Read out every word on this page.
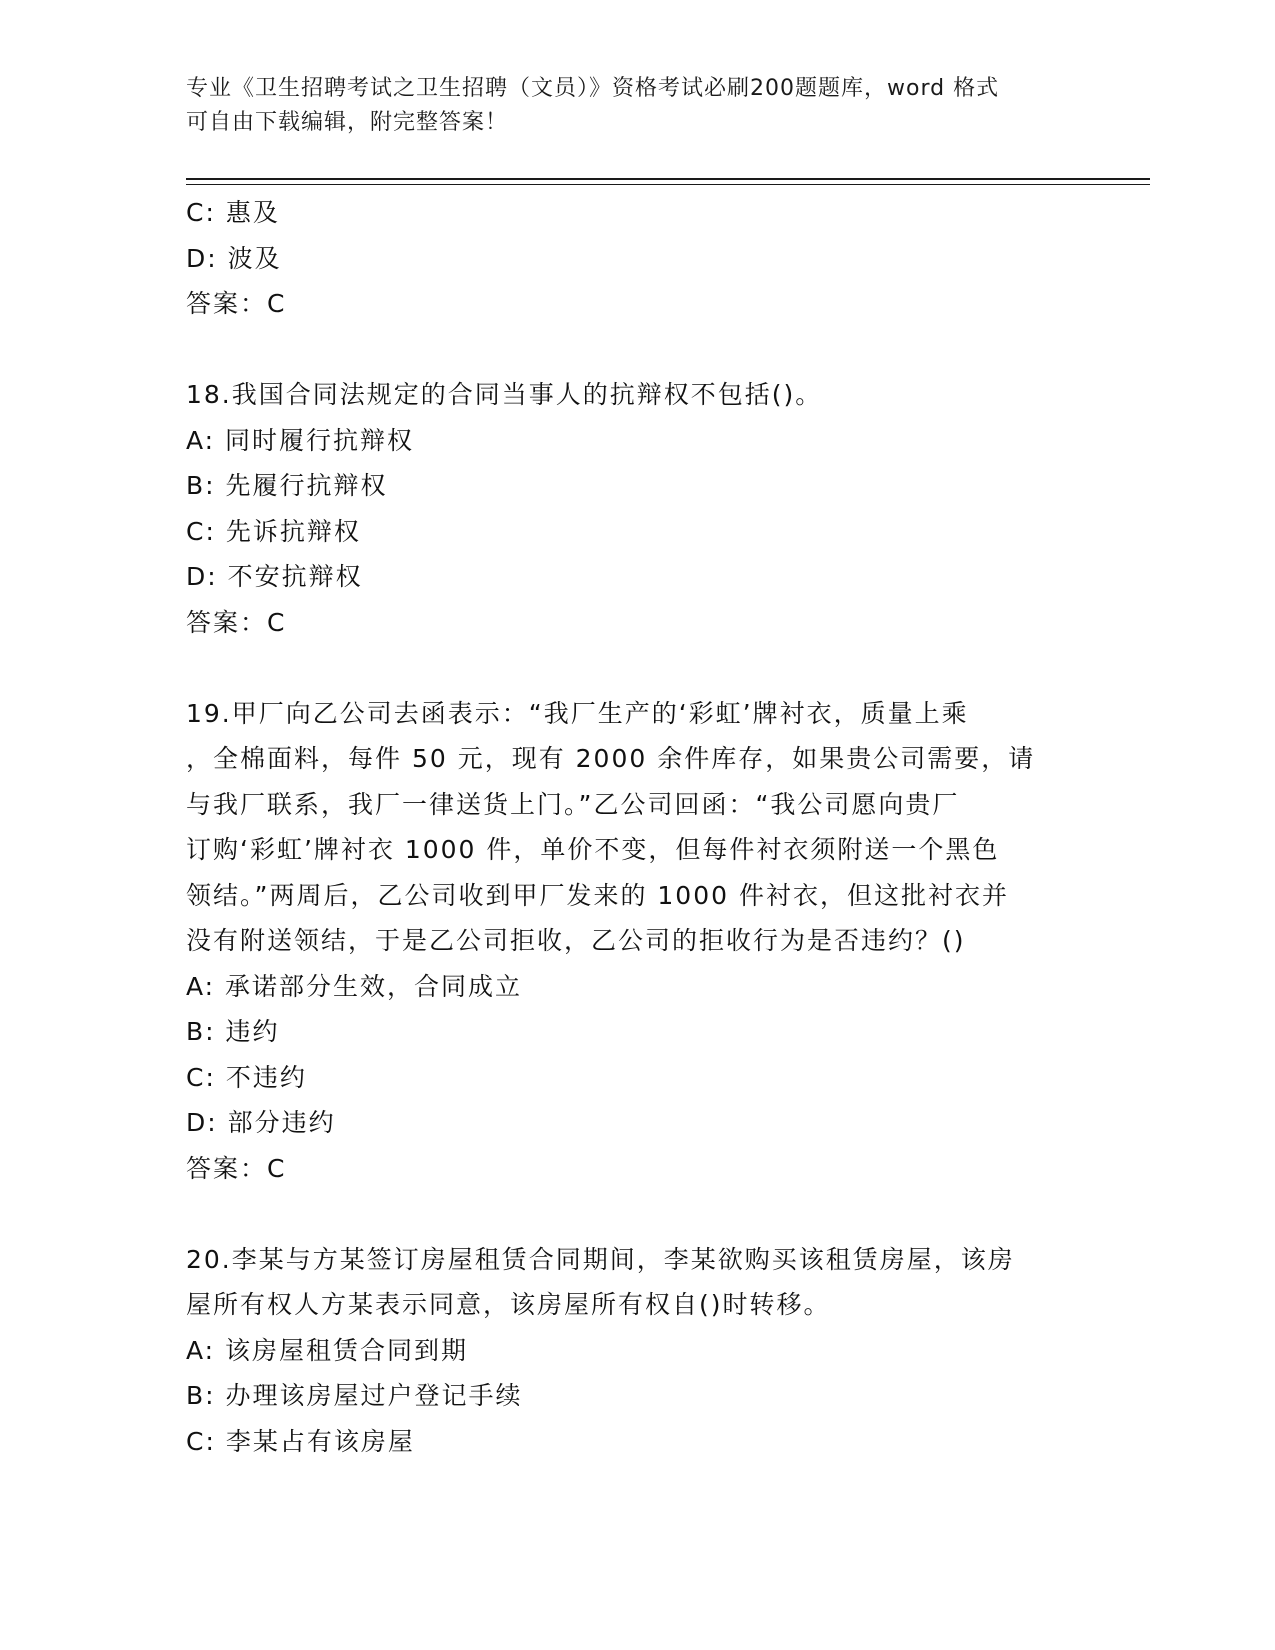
专业《卫生招聘考试之卫生招聘（文员）》资格考试必刷200题题库，word 格式
可自由下载编辑，附完整答案！
C: 惠及
D: 波及
答案：C
18.我国合同法规定的合同当事人的抗辩权不包括()。
A: 同时履行抗辩权
B: 先履行抗辩权
C: 先诉抗辩权
D: 不安抗辩权
答案：C
19.甲厂向乙公司去函表示：“我厂生产的‘彩虹’牌衬衣，质量上乘
，全棉面料，每件 50 元，现有 2000 余件库存，如果贵公司需要，请
与我厂联系，我厂一律送货上门。”乙公司回函：“我公司愿向贵厂
订购‘彩虹’牌衬衣 1000 件，单价不变，但每件衬衣须附送一个黑色
领结。”两周后，乙公司收到甲厂发来的 1000 件衬衣，但这批衬衣并
没有附送领结，于是乙公司拒收，乙公司的拒收行为是否违约？()
A: 承诺部分生效，合同成立
B: 违约
C: 不违约
D: 部分违约
答案：C
20.李某与方某签订房屋租赁合同期间，李某欲购买该租赁房屋，该房
屋所有权人方某表示同意，该房屋所有权自()时转移。
A: 该房屋租赁合同到期
B: 办理该房屋过户登记手续
C: 李某占有该房屋
